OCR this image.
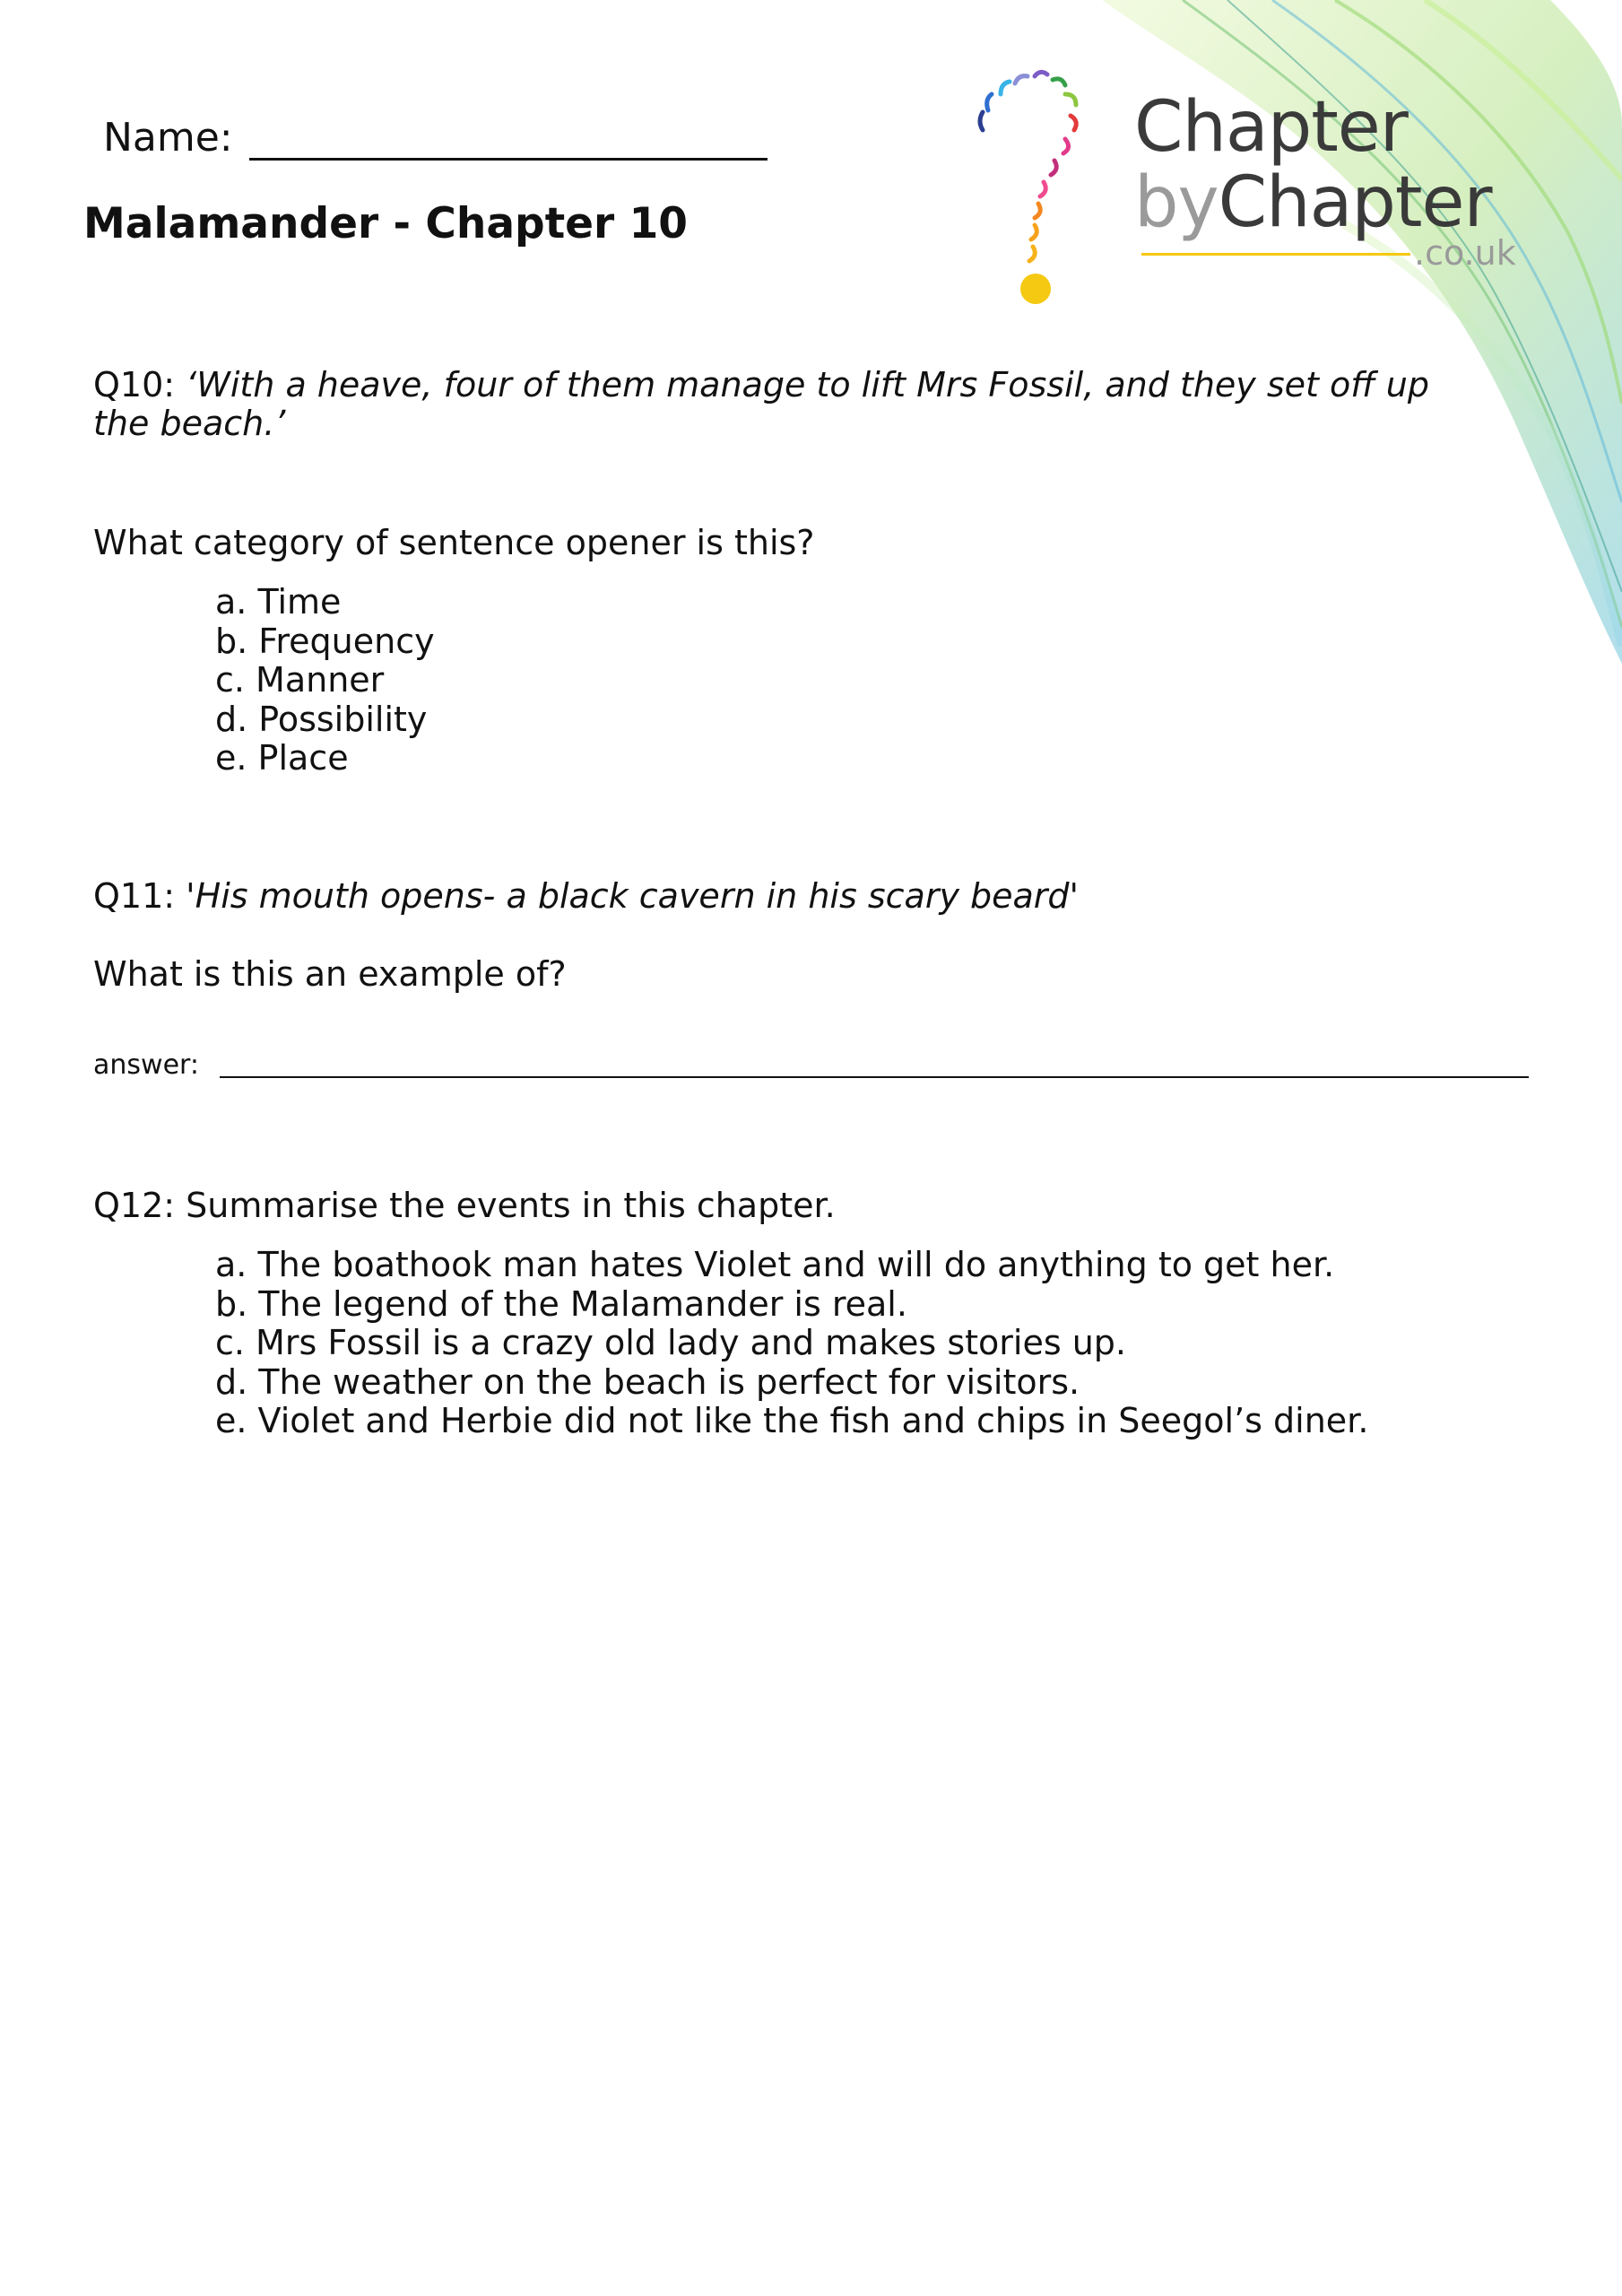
Chapter
byChapter
.co.uk
Name:
Malamander - Chapter 10

Q10: ‘With a heave, four of them manage to lift Mrs Fossil, and they set off up the beach.’

What category of sentence opener is this?

a. Time
b. Frequency
c. Manner
d. Possibility
e. Place

Q11: 'His mouth opens- a black cavern in his scary beard'

What is this an example of?

answer:

Q12: Summarise the events in this chapter.

a. The boathook man hates Violet and will do anything to get her.
b. The legend of the Malamander is real.
c. Mrs Fossil is a crazy old lady and makes stories up.
d. The weather on the beach is perfect for visitors.
e. Violet and Herbie did not like the fish and chips in Seegol’s diner.
